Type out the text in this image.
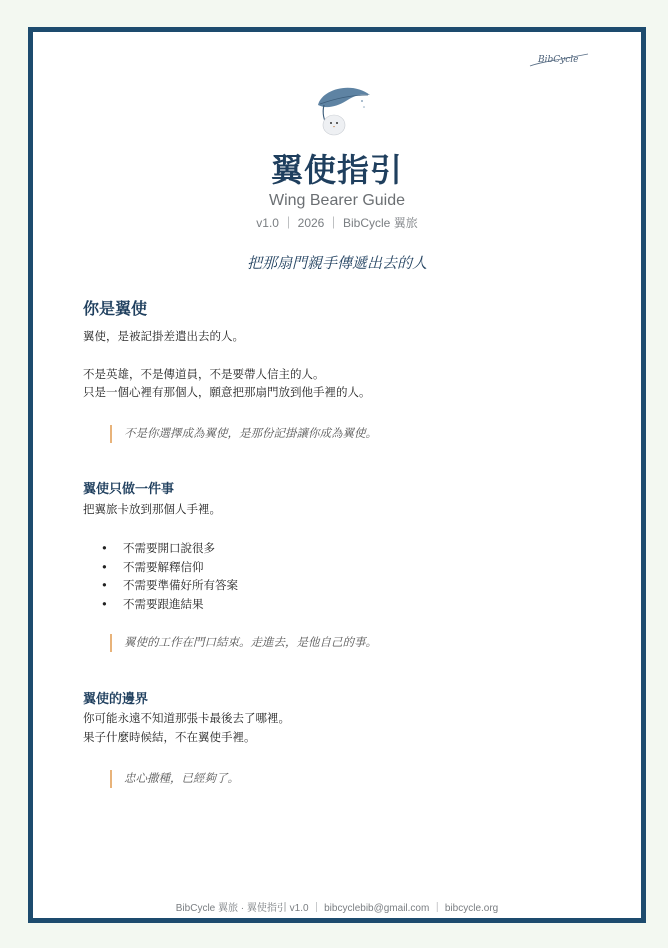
BibCycle
翼使指引
Wing Bearer Guide
v1.0 ｜ 2026 ｜ BibCycle 翼旅
把那扇門親手傳遞出去的人
你是翼使
翼使，是被記掛差遣出去的人。
不是英雄，不是傳道員，不是要帶人信主的人。
只是一個心裡有那個人，願意把那扇門放到他手裡的人。
不是你選擇成為翼使，是那份記掛讓你成為翼使。
翼使只做一件事
把翼旅卡放到那個人手裡。
• 不需要開口說很多
• 不需要解釋信仰
• 不需要準備好所有答案
• 不需要跟進結果
翼使的工作在門口結束。走進去，是他自己的事。
翼使的邊界
你可能永遠不知道那張卡最後去了哪裡。
果子什麼時候結，不在翼使手裡。
忠心撒種，已經夠了。
BibCycle 翼旅 · 翼使指引 v1.0 ｜ bibcyclebib@gmail.com ｜ bibcycle.org
